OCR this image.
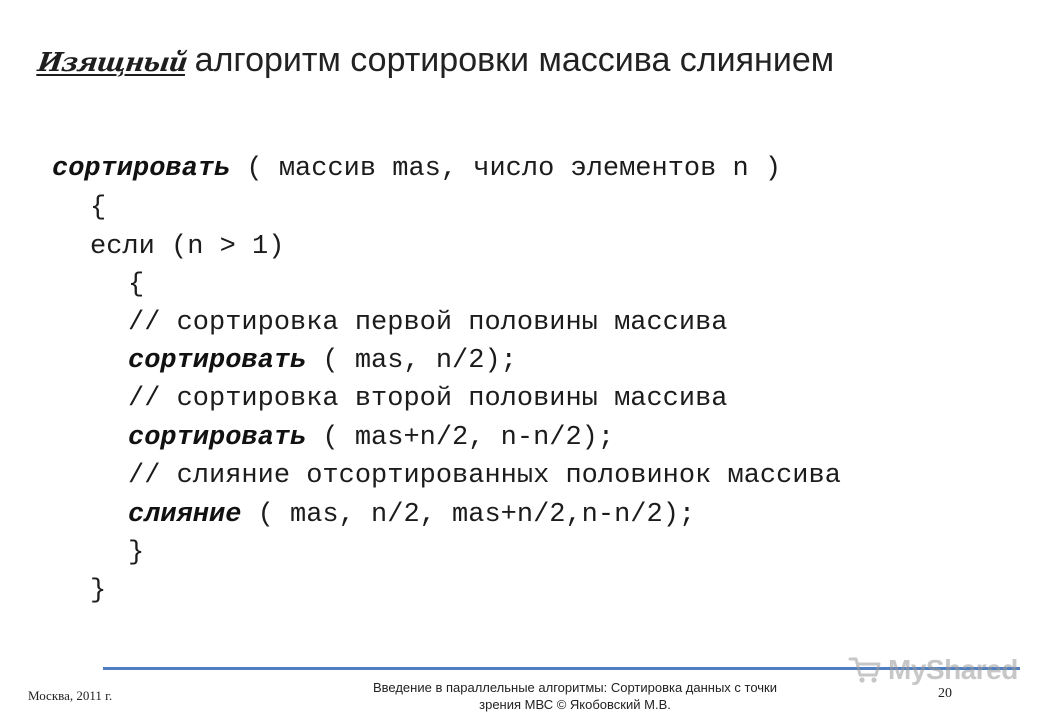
Изящный алгоритм сортировки массива слиянием
сортировать ( массив mas, число элементов n )
{
если (n > 1)
{
// сортировка первой половины массива
сортировать ( mas, n/2);
// сортировка второй половины массива
сортировать ( mas+n/2, n-n/2);
// слияние отсортированных половинок массива
слияние ( mas, n/2, mas+n/2,n-n/2);
}
}
Москва, 2011 г.
Введение в параллельные алгоритмы: Сортировка данных с точки зрения МВС © Якобовский М.В.
20
MyShared
